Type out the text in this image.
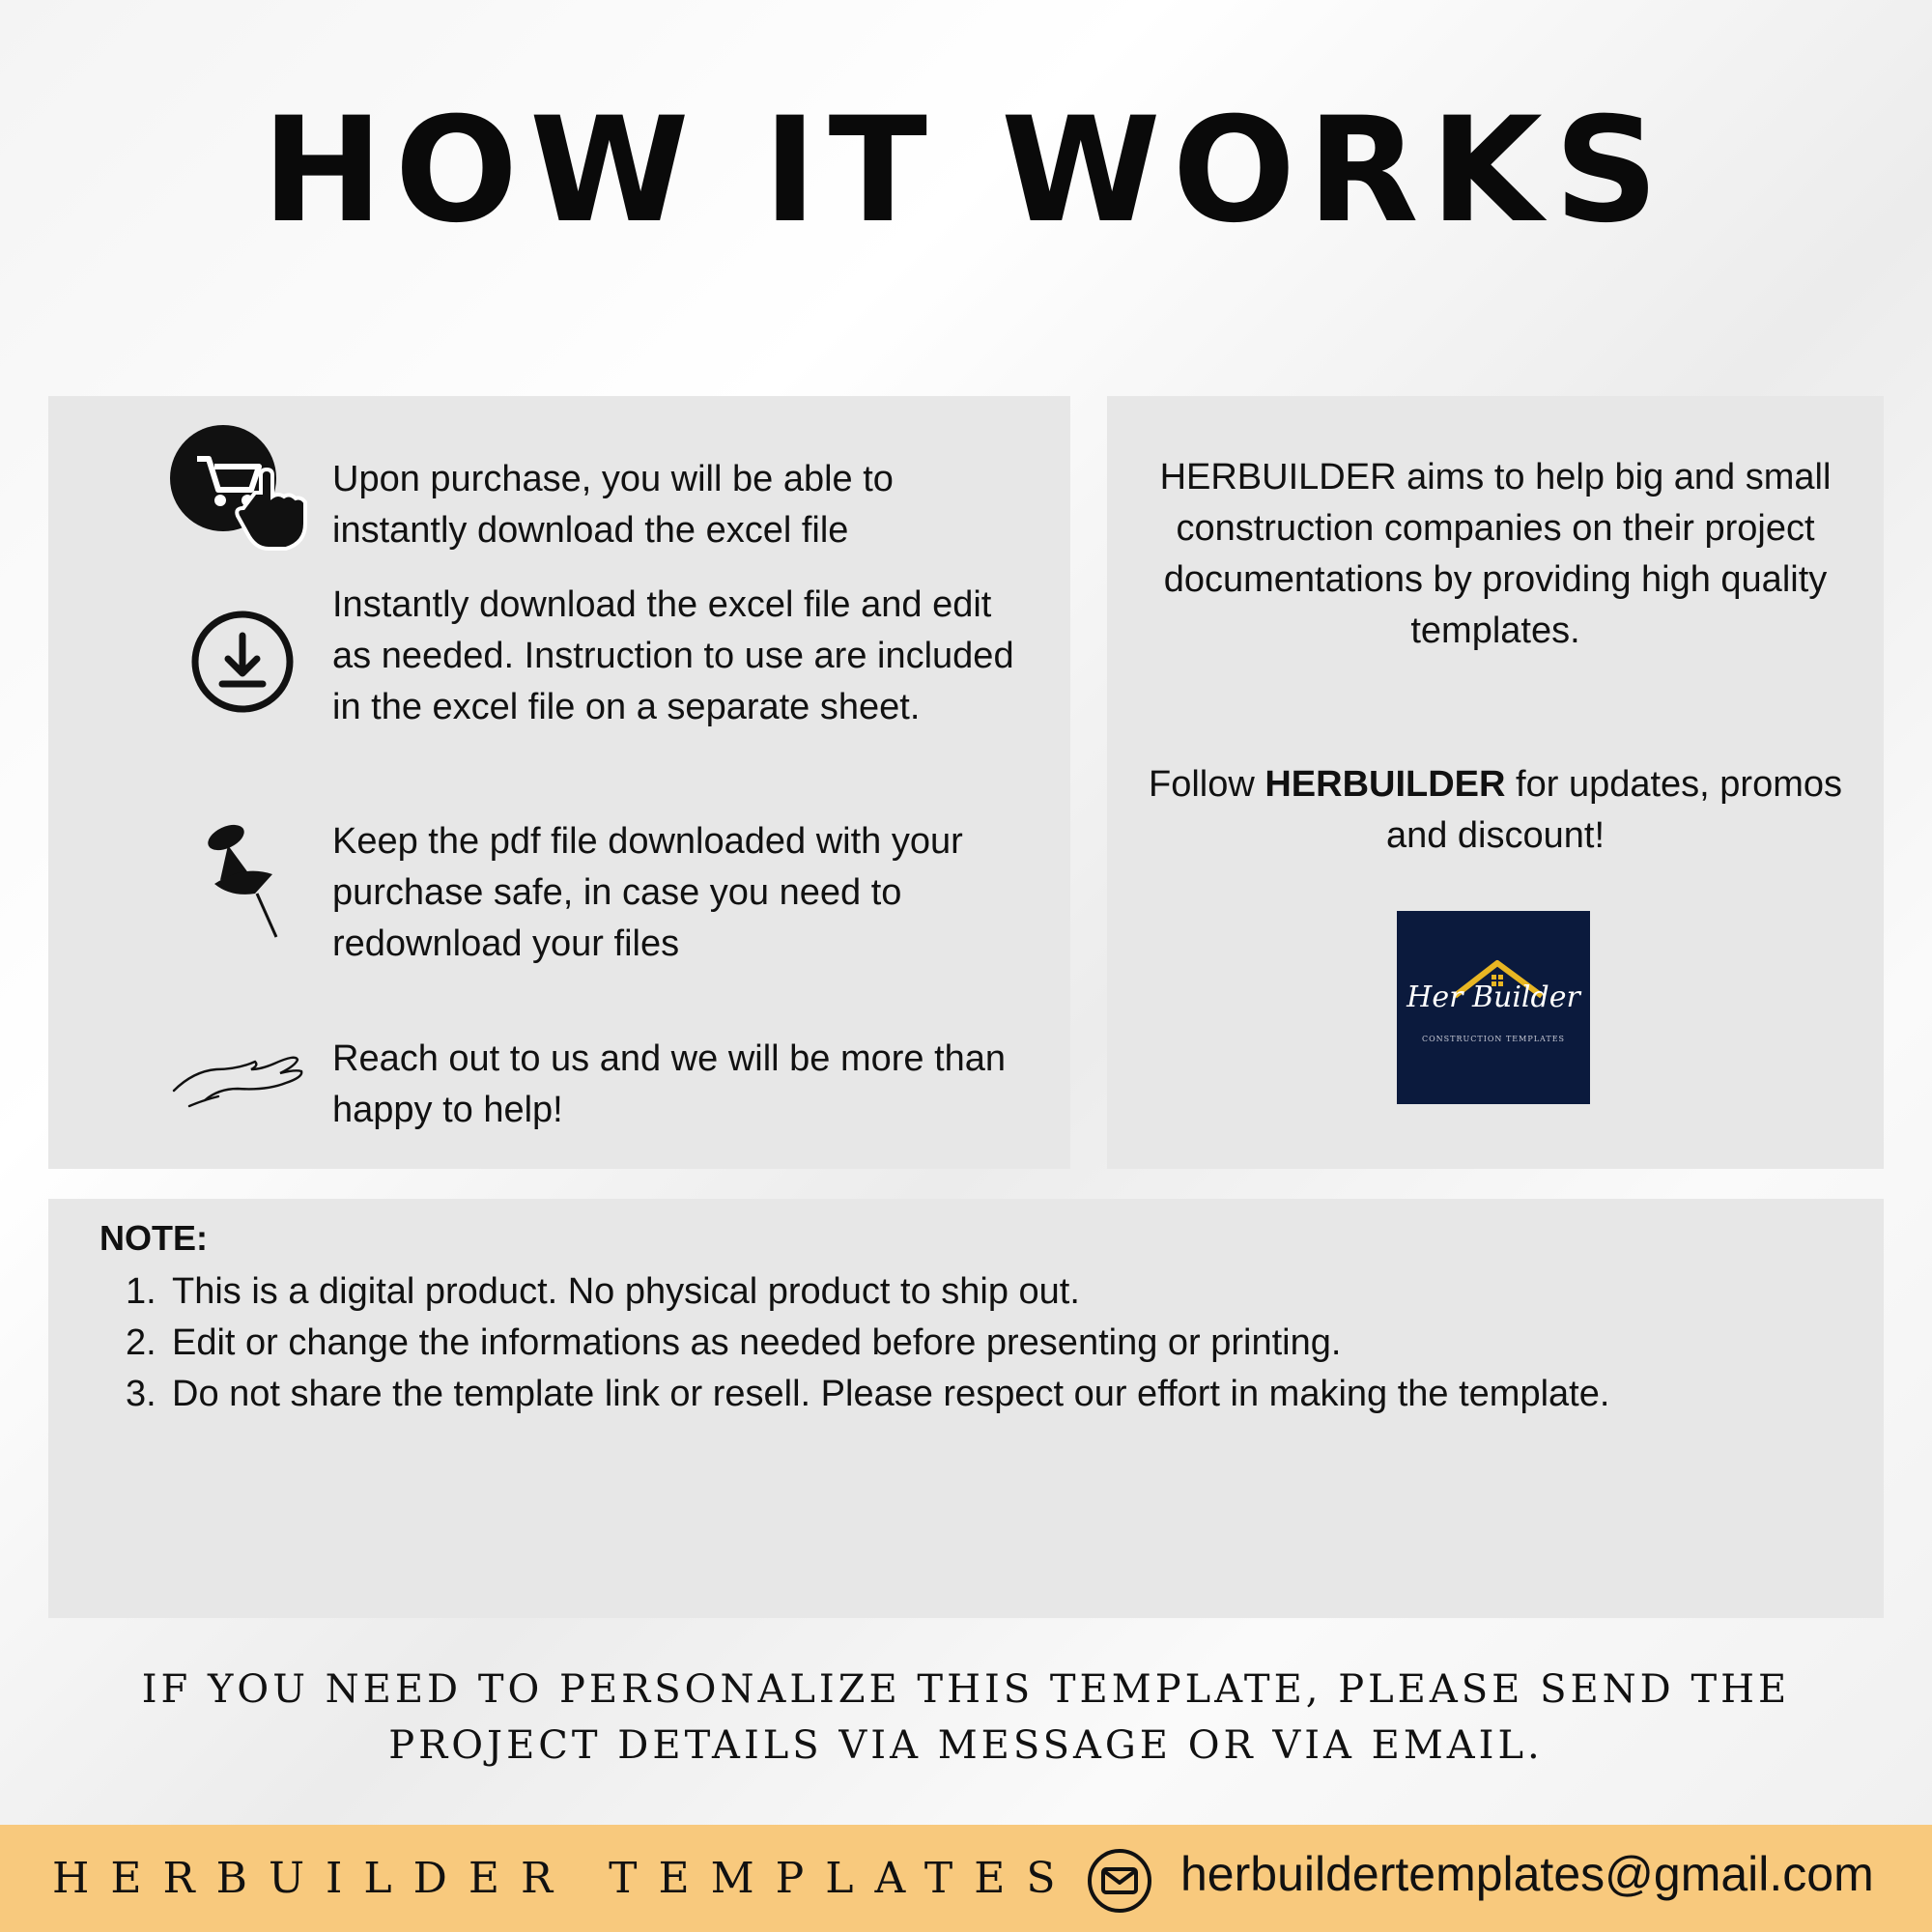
HOW IT WORKS
Upon purchase, you will be able to instantly download the excel file
Instantly download the excel file and edit as needed. Instruction to use are included in the excel file on a separate sheet.
Keep the pdf file downloaded with your purchase safe, in case you need to redownload your files
Reach out to us and we will be more than happy to help!
HERBUILDER aims to help big and small construction companies on their project documentations by providing high quality templates.
Follow HERBUILDER for updates, promos and discount!
Her Builder
CONSTRUCTION TEMPLATES
NOTE:
1. This is a digital product. No physical product to ship out.
2. Edit or change the informations as needed before presenting or printing.
3. Do not share the template link or resell. Please respect our effort in making the template.
IF YOU NEED TO PERSONALIZE THIS TEMPLATE, PLEASE SEND THE PROJECT DETAILS VIA MESSAGE OR VIA EMAIL.
HERBUILDER TEMPLATES herbuildertemplates@gmail.com
